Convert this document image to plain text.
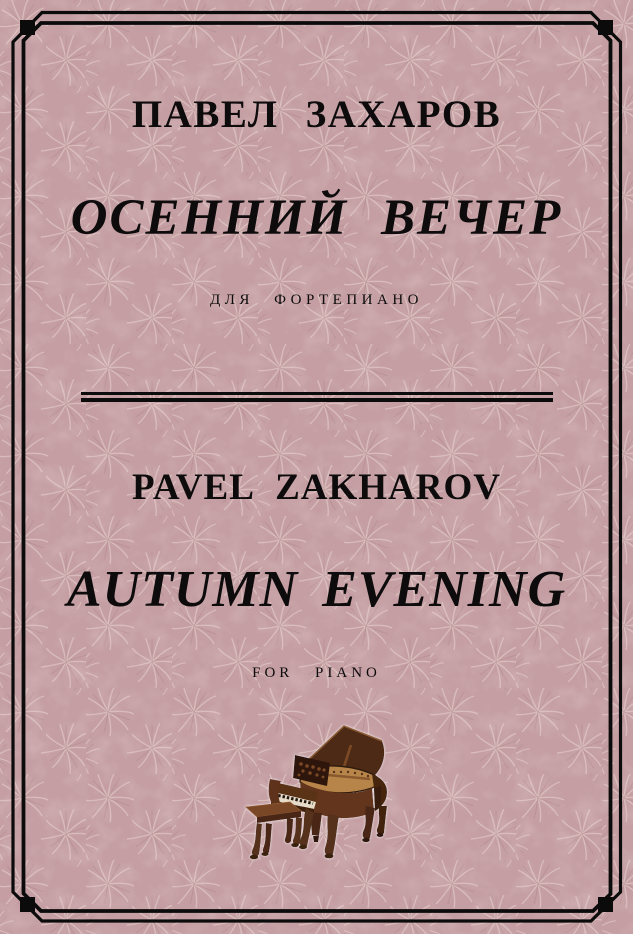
ПАВЕЛ ЗАХАРОВ
ОСЕННИЙ ВЕЧЕР
ДЛЯ ФОРТЕПИАНО
PAVEL ZAKHAROV
AUTUMN EVENING
FOR PIANO
